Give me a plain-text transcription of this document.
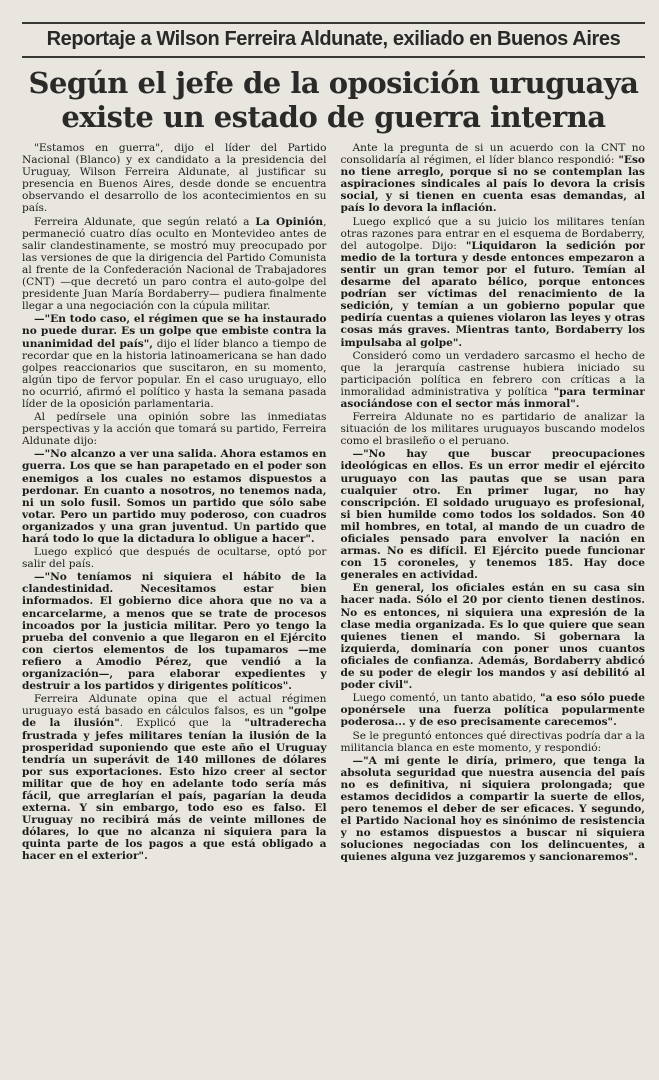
Reportaje a Wilson Ferreira Aldunate, exiliado en Buenos Aires
Según el jefe de la oposición uruguaya
existe un estado de guerra interna

"Estamos en guerra", dijo el líder del Partido Nacional (Blanco) y ex candidato a la presidencia del Uruguay, Wilson Ferreira Aldunate, al justificar su presencia en Buenos Aires, desde donde se encuentra observando el desarrollo de los acontecimientos en su país.

Ferreira Aldunate, que según relató a La Opinión, permaneció cuatro días oculto en Montevideo antes de salir clandestinamente, se mostró muy preocupado por las versiones de que la dirigencia del Partido Comunista al frente de la Confederación Nacional de Trabajadores (CNT) —que decretó un paro contra el auto-golpe del presidente Juan María Bordaberry— pudiera finalmente llegar a una negociación con la cúpula militar.

—"En todo caso, el régimen que se ha instaurado no puede durar. Es un golpe que embiste contra la unanimidad del país", dijo el líder blanco a tiempo de recordar que en la historia latinoamericana se han dado golpes reaccionarios que suscitaron, en su momento, algún tipo de fervor popular. En el caso uruguayo, ello no ocurrió, afirmó el político y hasta la semana pasada líder de la oposición parlamentaria.

Al pedírsele una opinión sobre las inmediatas perspectivas y la acción que tomará su partido, Ferreira Aldunate dijo:

—"No alcanzo a ver una salida. Ahora estamos en guerra. Los que se han parapetado en el poder son enemigos a los cuales no estamos dispuestos a perdonar. En cuanto a nosotros, no tenemos nada, ni un solo fusil. Somos un partido que sólo sabe votar. Pero un partido muy poderoso, con cuadros organizados y una gran juventud. Un partido que hará todo lo que la dictadura lo obligue a hacer".

Luego explicó que después de ocultarse, optó por salir del país.

—"No teníamos ni siquiera el hábito de la clandestinidad. Necesitamos estar bien informados. El gobierno dice ahora que no va a encarcelarme, a menos que se trate de procesos incoados por la justicia militar. Pero yo tengo la prueba del convenio a que llegaron en el Ejército con ciertos elementos de los tupamaros —me refiero a Amodio Pérez, que vendió a la organización—, para elaborar expedientes y destruir a los partidos y dirigentes políticos".

Ferreira Aldunate opina que el actual régimen uruguayo está basado en cálculos falsos, es un "golpe de la ilusión". Explicó que la "ultraderecha frustrada y jefes militares tenían la ilusión de la prosperidad suponiendo que este año el Uruguay tendría un superávit de 140 millones de dólares por sus exportaciones. Esto hizo creer al sector militar que de hoy en adelante todo sería más fácil, que arreglarían el país, pagarían la deuda externa. Y sin embargo, todo eso es falso. El Uruguay no recibirá más de veinte millones de dólares, lo que no alcanza ni siquiera para la quinta parte de los pagos a que está obligado a hacer en el exterior".

Ante la pregunta de si un acuerdo con la CNT no consolidaría al régimen, el líder blanco respondió: "Eso no tiene arreglo, porque si no se contemplan las aspiraciones sindicales al país lo devora la crisis social, y si tienen en cuenta esas demandas, al país lo devora la inflación.

Luego explicó que a su juicio los militares tenían otras razones para entrar en el esquema de Bordaberry, del autogolpe. Dijo: "Liquidaron la sedición por medio de la tortura y desde entonces empezaron a sentir un gran temor por el futuro. Temían al desarme del aparato bélico, porque entonces podrían ser víctimas del renacimiento de la sedición, y temían a un gobierno popular que pediría cuentas a quienes violaron las leyes y otras cosas más graves. Mientras tanto, Bordaberry los impulsaba al golpe".

Consideró como un verdadero sarcasmo el hecho de que la jerarquía castrense hubiera iniciado su participación política en febrero con críticas a la inmoralidad administrativa y política "para terminar asociándose con el sector más inmoral".

Ferreira Aldunate no es partidario de analizar la situación de los militares uruguayos buscando modelos como el brasileño o el peruano.

—"No hay que buscar preocupaciones ideológicas en ellos. Es un error medir el ejército uruguayo con las pautas que se usan para cualquier otro. En primer lugar, no hay conscripción. El soldado uruguayo es profesional, si bien humilde como todos los soldados. Son 40 mil hombres, en total, al mando de un cuadro de oficiales pensado para envolver la nación en armas. No es difícil. El Ejército puede funcionar con 15 coroneles, y tenemos 185. Hay doce generales en actividad.

En general, los oficiales están en su casa sin hacer nada. Sólo el 20 por ciento tienen destinos. No es entonces, ni siquiera una expresión de la clase media organizada. Es lo que quiere que sean quienes tienen el mando. Si gobernara la izquierda, dominaría con poner unos cuantos oficiales de confianza. Además, Bordaberry abdicó de su poder de elegir los mandos y así debilitó al poder civil".

Luego comentó, un tanto abatido, "a eso sólo puede oponérsele una fuerza política popularmente poderosa... y de eso precisamente carecemos".

Se le preguntó entonces qué directivas podría dar a la militancia blanca en este momento, y respondió:

—"A mi gente le diría, primero, que tenga la absoluta seguridad que nuestra ausencia del país no es definitiva, ni siquiera prolongada; que estamos decididos a compartir la suerte de ellos, pero tenemos el deber de ser eficaces. Y segundo, el Partido Nacional hoy es sinónimo de resistencia y no estamos dispuestos a buscar ni siquiera soluciones negociadas con los delincuentes, a quienes alguna vez juzgaremos y sancionaremos".
